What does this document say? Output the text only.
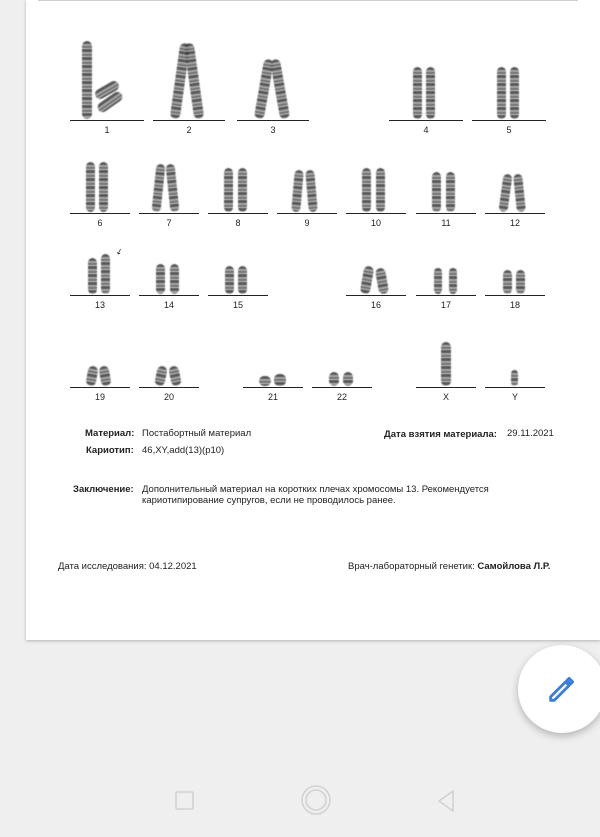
1	2	3	4	5
6	7	8	9	10	11	12
↙
13	14	15	16	17	18
19	20	21	22	X	Y
Материал: Постабортный материал	Дата взятия материала: 29.11.2021
Кариотип: 46,XY,add(13)(p10)
Заключение: Дополнительный материал на коротких плечах хромосомы 13. Рекомендуется
кариотипирование супругов, если не проводилось ранее.
Дата исследования: 04.12.2021	Врач-лабораторный генетик: Самойлова Л.Р.
